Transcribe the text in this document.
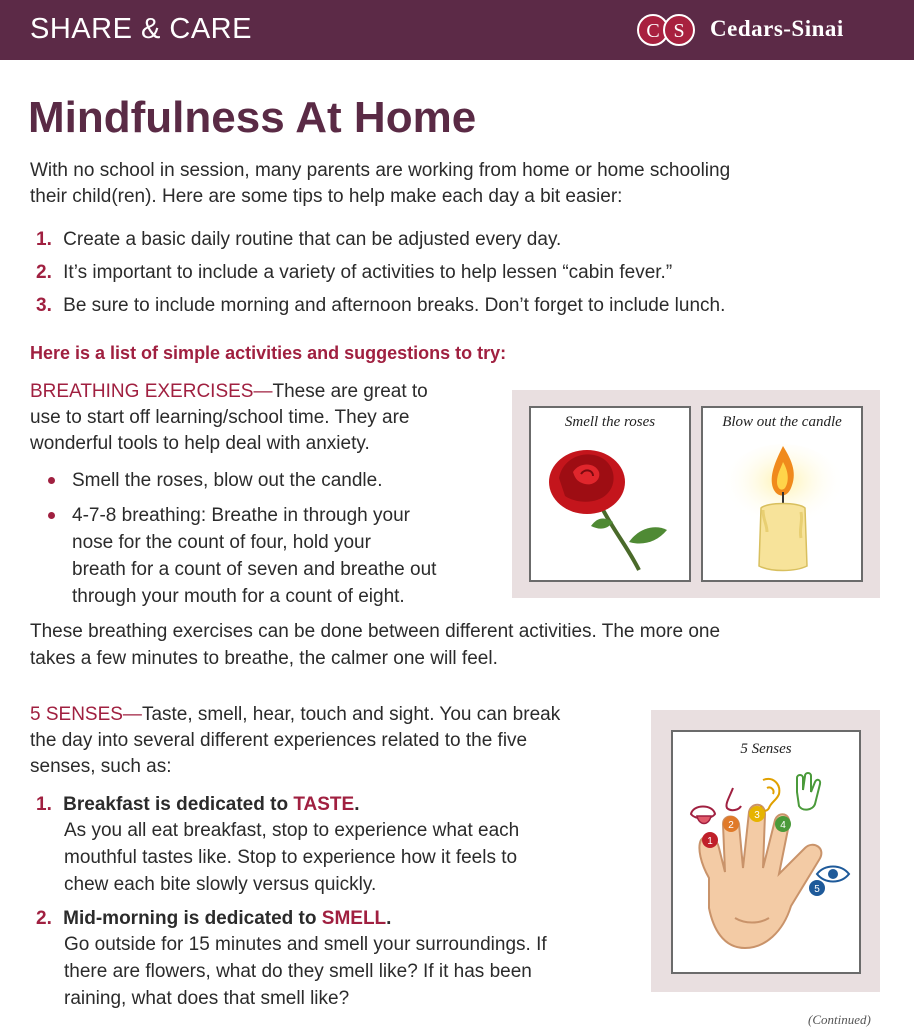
SHARE & CARE	C S Cedars-Sinai
Mindfulness At Home
With no school in session, many parents are working from home or home schooling
their child(ren). Here are some tips to help make each day a bit easier:
1. Create a basic daily routine that can be adjusted every day.
2. It’s important to include a variety of activities to help lessen “cabin fever.”
3. Be sure to include morning and afternoon breaks. Don’t forget to include lunch.
Here is a list of simple activities and suggestions to try:
BREATHING EXERCISES—These are great to
use to start off learning/school time. They are
wonderful tools to help deal with anxiety.
Smell the roses, blow out the candle.
4-7-8 breathing: Breathe in through your
nose for the count of four, hold your
breath for a count of seven and breathe out
through your mouth for a count of eight.
Smell the roses	Blow out the candle
These breathing exercises can be done between different activities. The more one
takes a few minutes to breathe, the calmer one will feel.
5 SENSES—Taste, smell, hear, touch and sight. You can break
the day into several different experiences related to the five
senses, such as:
1. Breakfast is dedicated to TASTE.
As you all eat breakfast, stop to experience what each
mouthful tastes like. Stop to experience how it feels to
chew each bite slowly versus quickly.
2. Mid-morning is dedicated to SMELL.
Go outside for 15 minutes and smell your surroundings. If
there are flowers, what do they smell like? If it has been
raining, what does that smell like?
5 Senses
1
2
3
4
5
(Continued)
